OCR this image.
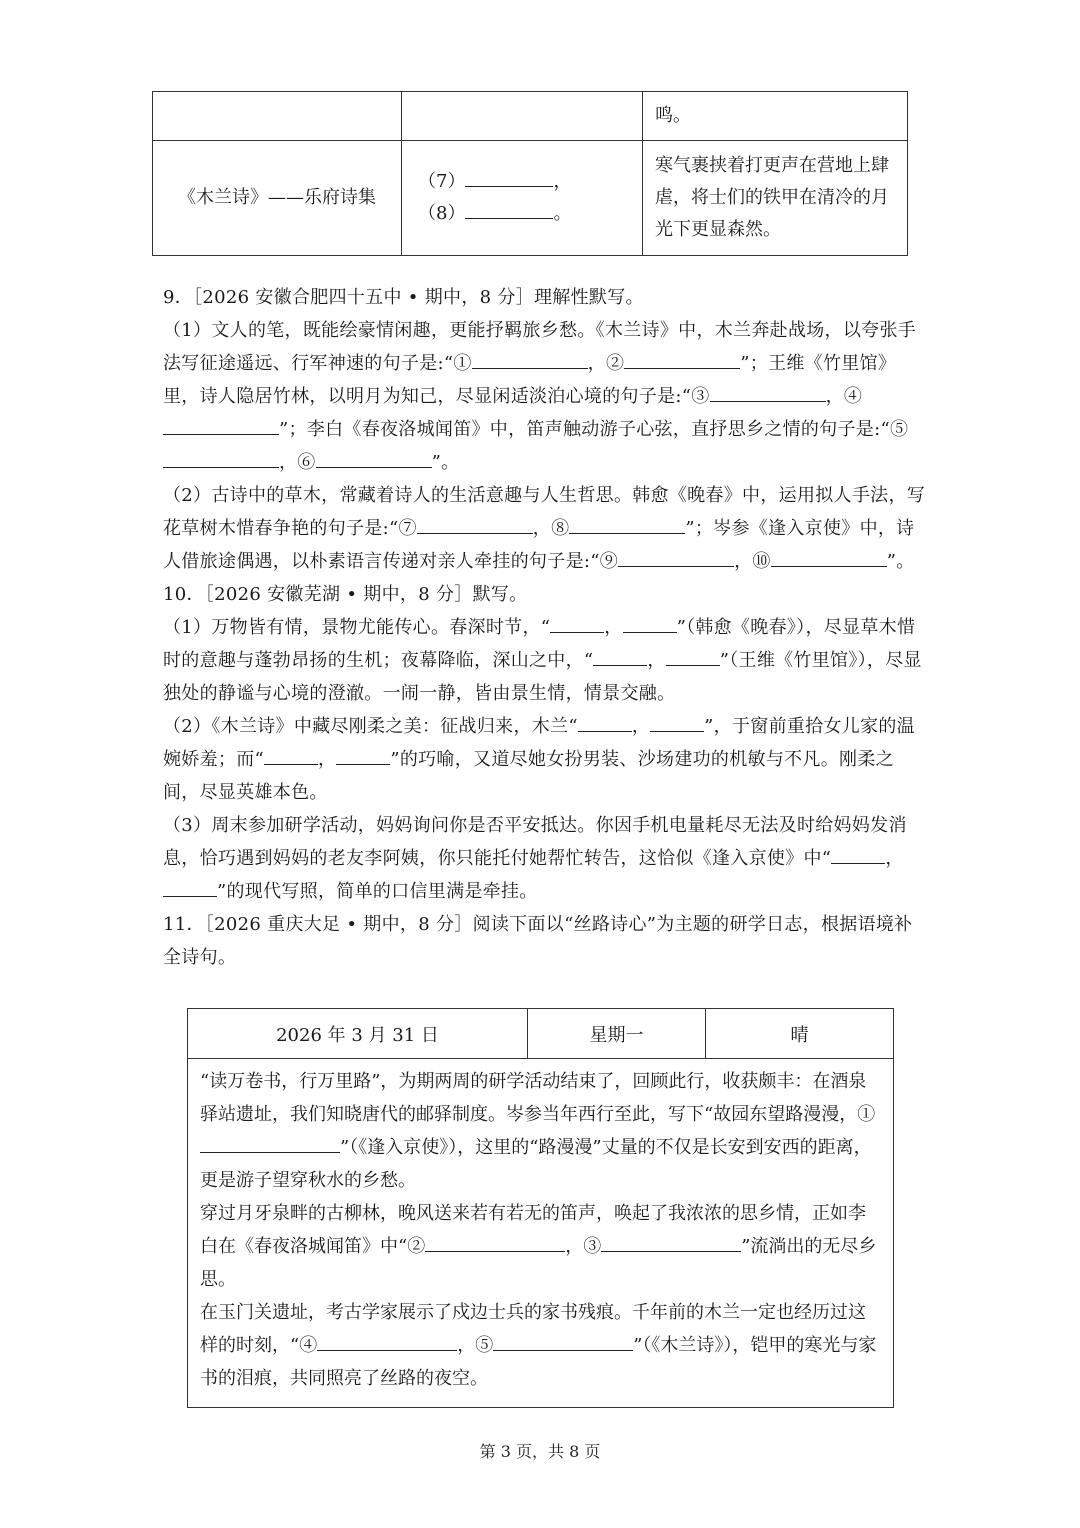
		鸣。
《木兰诗》——乐府诗集	（7） ，
（8） 。	寒气裹挟着打更声在营地上肆虐，将士们的铁甲在清冷的月光下更显森然。

9．［2026 安徽合肥四十五中 • 期中，8 分］理解性默写。

（1）文人的笔，既能绘豪情闲趣，更能抒羁旅乡愁。《木兰诗》中，木兰奔赴战场，以夸张手法写征途遥远、行军神速的句子是:“①	，②	”；王维《竹里馆》里，诗人隐居竹林，以明月为知己，尽显闲适淡泊心境的句子是:“③	，④”；李白《春夜洛城闻笛》中，笛声触动游子心弦，直抒思乡之情的句子是:“⑤，⑥	”。

（2）古诗中的草木，常藏着诗人的生活意趣与人生哲思。韩愈《晚春》中，运用拟人手法，写花草树木惜春争艳的句子是:“⑦	，⑧	”；岑参《逢入京使》中，诗人借旅途偶遇，以朴素语言传递对亲人牵挂的句子是:“⑨	，⑩	”。

10．［2026 安徽芜湖 • 期中，8 分］默写。

（1）万物皆有情，景物尤能传心。春深时节，“	，	”（韩愈《晚春》），尽显草木惜时的意趣与蓬勃昂扬的生机；夜幕降临，深山之中，“	，	”（王维《竹里馆》），尽显独处的静谧与心境的澄澈。一闹一静，皆由景生情，情景交融。

（2）《木兰诗》中藏尽刚柔之美：征战归来，木兰“	，	”，于窗前重拾女儿家的温婉娇羞；而“	，	”的巧喻，又道尽她女扮男装、沙场建功的机敏与不凡。刚柔之间，尽显英雄本色。

（3）周末参加研学活动，妈妈询问你是否平安抵达。你因手机电量耗尽无法及时给妈妈发消息，恰巧遇到妈妈的老友李阿姨，你只能托付她帮忙转告，这恰似《逢入京使》中“	，”的现代写照，简单的口信里满是牵挂。

11．［2026 重庆大足 • 期中，8 分］阅读下面以“丝路诗心”为主题的研学日志，根据语境补全诗句。

2026 年 3 月 31 日	星期一	晴

“读万卷书，行万里路”，为期两周的研学活动结束了，回顾此行，收获颇丰：在酒泉驿站遗址，我们知晓唐代的邮驿制度。岑参当年西行至此，写下“故园东望路漫漫，①”（《逢入京使》），这里的“路漫漫”丈量的不仅是长安到安西的距离，更是游子望穿秋水的乡愁。

穿过月牙泉畔的古柳林，晚风送来若有若无的笛声，唤起了我浓浓的思乡情，正如李白在《春夜洛城闻笛》中“②	，③	”流淌出的无尽乡思。

在玉门关遗址，考古学家展示了戍边士兵的家书残痕。千年前的木兰一定也经历过这样的时刻，“④	，⑤	”（《木兰诗》），铠甲的寒光与家书的泪痕，共同照亮了丝路的夜空。

第 3 页，共 8 页
